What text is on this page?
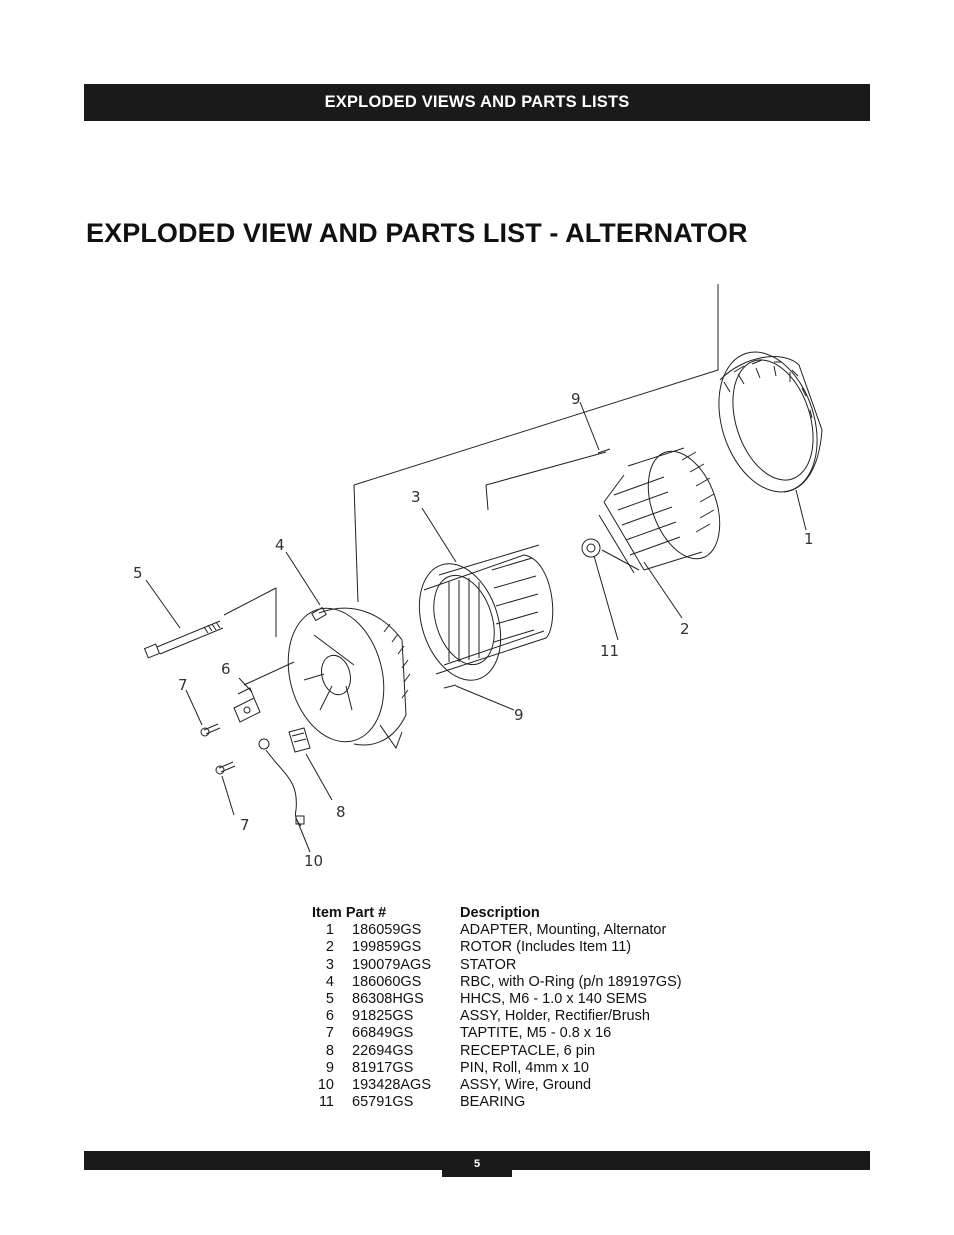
EXPLODED VIEWS AND PARTS LISTS
EXPLODED VIEW AND PARTS LIST - ALTERNATOR
1
2
3
4
5
6
7
7
8
9
9
10
11
Item Part #		Description
1	186059GS	ADAPTER, Mounting, Alternator
2	199859GS	ROTOR (Includes Item 11)
3	190079AGS	STATOR
4	186060GS	RBC, with O-Ring (p/n 189197GS)
5	86308HGS	HHCS, M6 - 1.0 x 140 SEMS
6	91825GS	ASSY, Holder, Rectifier/Brush
7	66849GS	TAPTITE, M5 - 0.8 x 16
8	22694GS	RECEPTACLE, 6 pin
9	81917GS	PIN, Roll, 4mm x 10
10	193428AGS	ASSY, Wire, Ground
11	65791GS	BEARING
5
